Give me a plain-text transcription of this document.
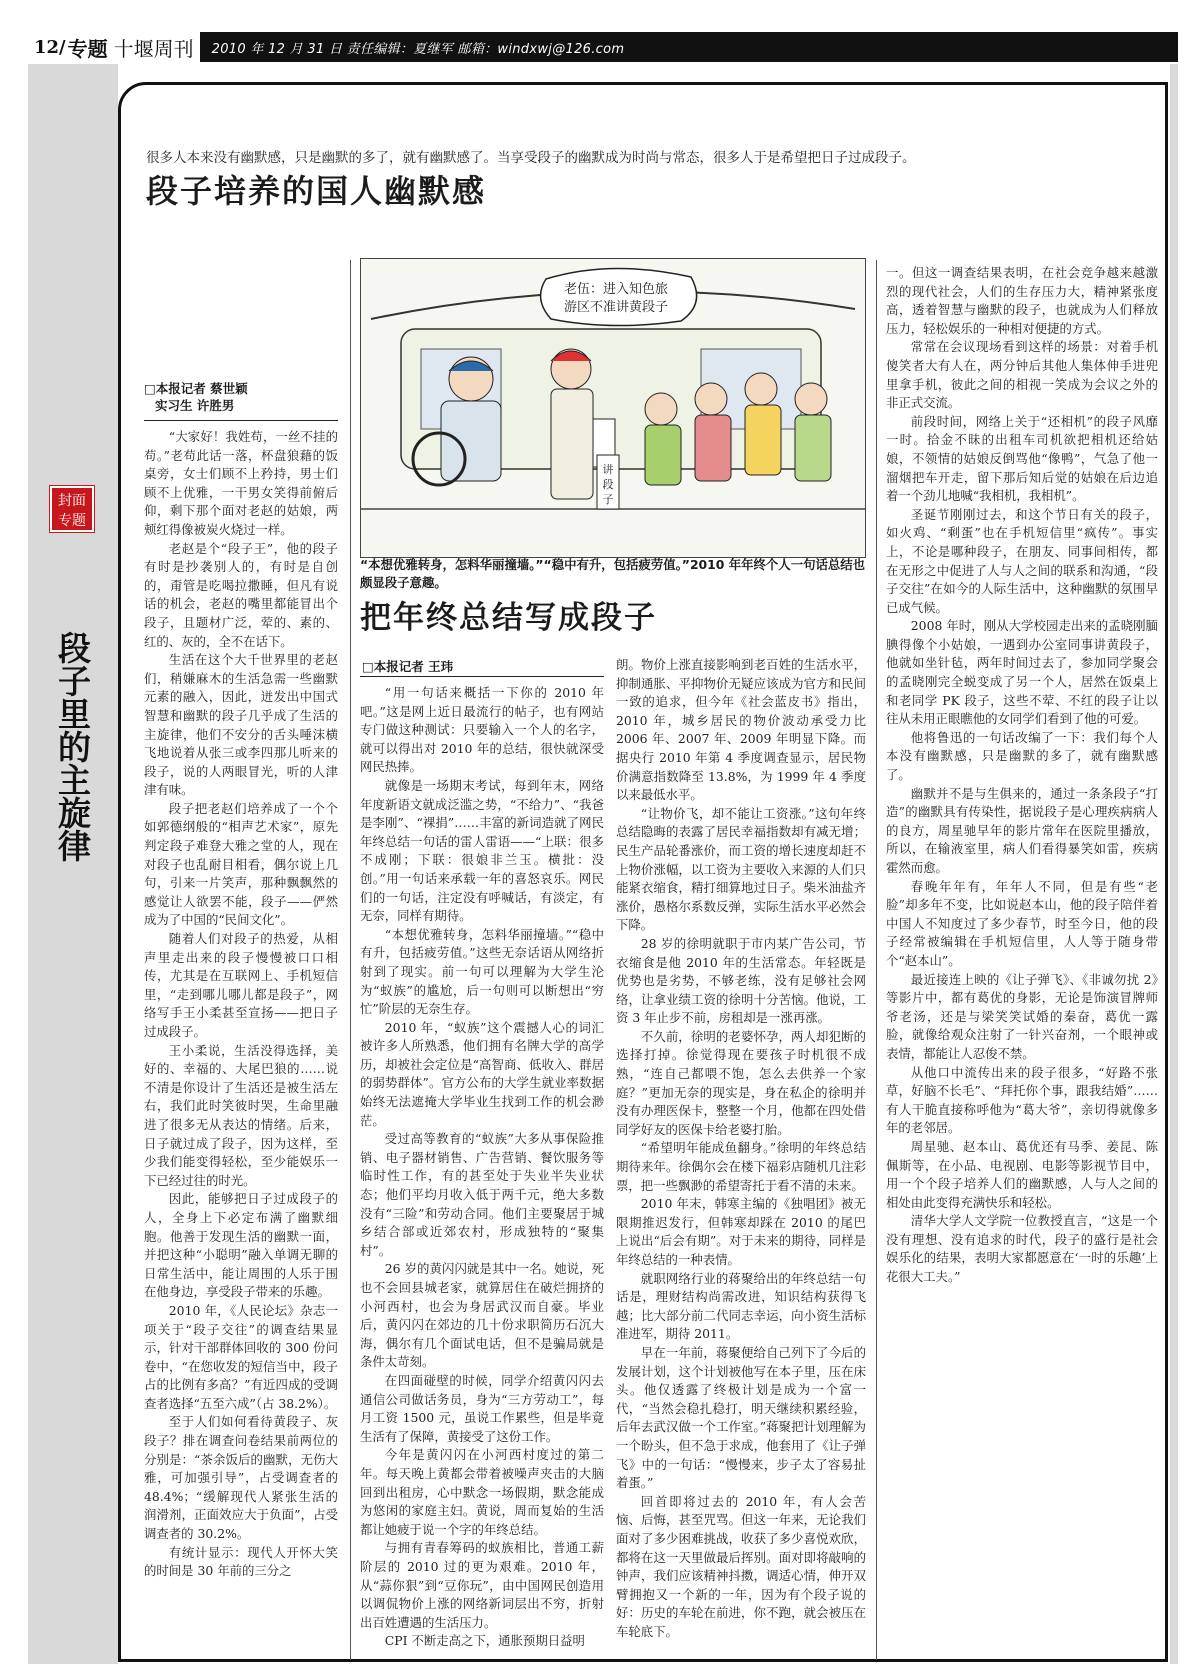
12/ 专题 十堰周刊 2010 年 12 月 31 日 责任编辑：夏继军 邮箱：windxwj@126.com
封面专题
段子里的主旋律
很多人本来没有幽默感，只是幽默的多了，就有幽默感了。当享受段子的幽默成为时尚与常态，很多人于是希望把日子过成段子。
段子培养的国人幽默感
□本报记者 蔡世颖
实习生 许胜男

“大家好！我姓苟，一丝不挂的苟。”老苟此话一落，杯盘狼藉的饭桌旁，女士们顾不上矜持，男士们顾不上优雅，一干男女笑得前俯后仰，剩下那个面对老赵的姑娘，两颊红得像被炭火烧过一样。

老赵是个“段子王”，他的段子有时是抄袭别人的，有时是自创的，甭管是吃喝拉撒睡，但凡有说话的机会，老赵的嘴里都能冒出个段子，且题材广泛，荤的、素的、红的、灰的，全不在话下。

生活在这个大千世界里的老赵们，稍嫌麻木的生活急需一些幽默元素的融入，因此，迸发出中国式智慧和幽默的段子几乎成了生活的主旋律，他们不安分的舌头唾沫横飞地说着从张三或李四那儿听来的段子，说的人两眼冒光，听的人津津有味。

段子把老赵们培养成了一个个如郭德纲般的“相声艺术家”，原先判定段子难登大雅之堂的人，现在对段子也乱耐目相看，偶尔说上几句，引来一片笑声，那种飘飘然的感觉让人欲罢不能，段子——俨然成为了中国的“民间文化”。

随着人们对段子的热爱，从相声里走出来的段子慢慢被口口相传，尤其是在互联网上、手机短信里，“走到哪儿哪儿都是段子”，网络写手王小柔甚至宣扬——把日子过成段子。

王小柔说，生活没得选择，美好的、幸福的、大尾巴狼的……说不清是你设计了生活还是被生活左右，我们此时笑彼时哭，生命里融进了很多无从表达的情绪。后来，日子就过成了段子，因为这样，至少我们能变得轻松，至少能娱乐一下已经过往的时光。

因此，能够把日子过成段子的人，全身上下必定布满了幽默细胞。他善于发现生活的幽默一面，并把这种“小聪明”融入单调无聊的日常生活中，能让周围的人乐于围在他身边，享受段子带来的乐趣。

2010 年，《人民论坛》杂志一项关于“段子交往”的调查结果显示，针对干部群体回收的 300 份问卷中，“在您收发的短信当中，段子占的比例有多高？”有近四成的受调查者选择“五至六成”（占 38.2%）。

至于人们如何看待黄段子、灰段子？排在调查问卷结果前两位的分别是：“茶余饭后的幽默，无伤大雅，可加强引导”，占受调查者的 48.4%；“缓解现代人紧张生活的润滑剂，正面效应大于负面”，占受调查者的 30.2%。

有统计显示：现代人开怀大笑的时间是 30 年前的三分之

老伍：进入知色旅
游区不准讲黄段子
讲
段
子
“本想优雅转身，怎料华丽撞墙。”“稳中有升，包括疲劳值。”2010 年年终个人一句话总结也颇显段子意趣。
把年终总结写成段子
□本报记者 王玮

“用一句话来概括一下你的 2010 年吧。”这是网上近日最流行的帖子，也有网站专门做这种测试：只要输入一个人的名字，就可以得出对 2010 年的总结，很快就深受网民热捧。

就像是一场期末考试，每到年末，网络年度新语文就成泛滥之势，“不给力”、“我爸是李刚”、“裸捐”……丰富的新词造就了网民年终总结一句话的雷人雷语——“上联：很多不成刚；下联：很娘非兰玉。横批：没创。”用一句话来承载一年的喜怒哀乐。网民们的一句话，注定没有呼喊话，有淡定，有无奈，同样有期待。

“本想优雅转身，怎料华丽撞墙。”“稳中有升，包括疲劳值。”这些无奈话语从网络折射到了现实。前一句可以理解为大学生沦为“蚁族”的尴尬，后一句则可以断想出“穷忙”阶层的无奈生存。

2010 年，“蚁族”这个震撼人心的词汇被许多人所熟悉，他们拥有名牌大学的高学历，却被社会定位是“高智商、低收入、群居的弱势群体”。官方公布的大学生就业率数据始终无法遮掩大学毕业生找到工作的机会渺茫。

受过高等教育的“蚁族”大多从事保险推销、电子器材销售、广告营销、餐饮服务等临时性工作，有的甚至处于失业半失业状态；他们平均月收入低于两千元，绝大多数没有“三险”和劳动合同。他们主要聚居于城乡结合部或近郊农村，形成独特的“聚集村”。

26 岁的黄闪闪就是其中一名。她说，死也不会回县城老家，就算居住在破烂拥挤的小河西村，也会为身居武汉而自豪。毕业后，黄闪闪在郊边的几十份求职简历石沉大海，偶尔有几个面试电话，但不是骗局就是条件太苛刻。

在四面碰壁的时候，同学介绍黄闪闪去通信公司做话务员，身为“三方劳动工”，每月工资 1500 元，虽说工作累些，但是毕竟生活有了保障，黄接受了这份工作。

今年是黄闪闪在小河西村度过的第二年。每天晚上黄都会带着被噪声夹击的大脑回到出租房，心中默念一场假期，默念能成为悠闲的家庭主妇。黄说，周而复始的生活都让她疲于说一个字的年终总结。

与拥有青春筹码的蚁族相比，普通工薪阶层的 2010 过的更为艰难。2010 年，从“蒜你狠”到“豆你玩”，由中国网民创造用以调侃物价上涨的网络新词层出不穷，折射出百姓遭遇的生活压力。

CPI 不断走高之下，通胀预期日益明

朗。物价上涨直接影响到老百姓的生活水平，抑制通胀、平抑物价无疑应该成为官方和民间一致的追求，但今年《社会蓝皮书》指出，2010 年，城乡居民的物价波动承受力比 2006 年、2007 年、2009 年明显下降。而据央行 2010 年第 4 季度调查显示，居民物价满意指数降至 13.8%，为 1999 年 4 季度以来最低水平。

“让物价飞，却不能让工资涨。”这句年终总结隐晦的表露了居民幸福指数却有减无增；民生产品轮番涨价，而工资的增长速度却赶不上物价涨幅，以工资为主要收入来源的人们只能紧衣缩食，精打细算地过日子。柴米油盐齐涨价，愚格尔系数反弹，实际生活水平必然会下降。

28 岁的徐明就职于市内某广告公司，节衣缩食是他 2010 年的生活常态。年轻既是优势也是劣势，不够老练，没有足够社会网络，让拿业绩工资的徐明十分苦恼。他说，工资 3 年止步不前，房租却是一涨再涨。

不久前，徐明的老婆怀孕，两人却犯断的选择打掉。徐觉得现在要孩子时机很不成熟，“连自己都喂不饱，怎么去供养一个家庭？”更加无奈的现实是，身在私企的徐明并没有办理医保卡，整整一个月，他都在四处借同学好友的医保卡给老婆打胎。

“希望明年能成鱼翻身。”徐明的年终总结期待来年。徐偶尔会在楼下福彩店随机几注彩票，把一些飘渺的希望寄托于看不清的未来。

2010 年末，韩寒主编的《独唱团》被无限期推迟发行，但韩寒却踩在 2010 的尾巴上说出“后会有期”。对于未来的期待，同样是年终总结的一种表情。

就职网络行业的蒋聚给出的年终总结一句话是，理财结构尚需改进，知识结构获得飞越；比大部分前二代同志幸运，向小资生活标准进军，期待 2011。

早在一年前，蒋聚便给自己列下了今后的发展计划，这个计划被他写在本子里，压在床头。他仅透露了终极计划是成为一个富一代，“当然会稳扎稳打，明天继续积累经验，后年去武汉做一个工作室。”蒋聚把计划理解为一个盼头，但不急于求成，他套用了《让子弹飞》中的一句话：“慢慢来，步子太了容易扯着蛋。”

回首即将过去的 2010 年，有人会苦恼、后悔，甚至咒骂。但这一年来，无论我们面对了多少困难挑战，收获了多少喜悦欢欣，都将在这一天里做最后挥别。面对即将敲响的钟声，我们应该精神抖擞，调适心情，伸开双臂拥抱又一个新的一年，因为有个段子说的好：历史的车轮在前进，你不跑，就会被压在车轮底下。

一。但这一调查结果表明，在社会竞争越来越激烈的现代社会，人们的生存压力大，精神紧张度高，透着智慧与幽默的段子，也就成为人们释放压力，轻松娱乐的一种相对便捷的方式。

常常在会议现场看到这样的场景：对着手机傻笑者大有人在，两分钟后其他人集体伸手进兜里拿手机，彼此之间的相视一笑成为会议之外的非正式交流。

前段时间，网络上关于“还相机”的段子风靡一时。拾金不昧的出租车司机欲把相机还给姑娘，不领情的姑娘反倒骂他“像鸭”，气急了他一溜烟把车开走，留下那后知后觉的姑娘在后边追着一个劲儿地喊“我相机，我相机”。

圣诞节刚刚过去，和这个节日有关的段子，如火鸡、“剩蛋”也在手机短信里“疯传”。事实上，不论是哪种段子，在朋友、同事间相传，都在无形之中促进了人与人之间的联系和沟通，“段子交往”在如今的人际生活中，这种幽默的氛围早已成气候。

2008 年时，刚从大学校园走出来的孟晓刚腼腆得像个小姑娘，一遇到办公室同事讲黄段子，他就如坐针毡，两年时间过去了，参加同学聚会的孟晓刚完全蜕变成了另一个人，居然在饭桌上和老同学 PK 段子，这些不荤、不红的段子让以往从未用正眼瞧他的女同学们看到了他的可爱。

他将鲁迅的一句话改编了一下：我们每个人本没有幽默感，只是幽默的多了，就有幽默感了。

幽默并不是与生俱来的，通过一条条段子“打造”的幽默具有传染性，据说段子是心理疾病病人的良方，周星驰早年的影片常年在医院里播放，所以，在输液室里，病人们看得暴笑如雷，疾病霍然而愈。

春晚年年有，年年人不同，但是有些“老脸”却多年不变，比如说赵本山，他的段子陪伴着中国人不知度过了多少春节，时至今日，他的段子经常被编辑在手机短信里，人人等于随身带个“赵本山”。

最近接连上映的《让子弹飞》、《非诚勿扰 2》等影片中，都有葛优的身影，无论是饰演冒牌师爷老汤，还是与梁笑笑试婚的秦奋，葛优一露脸，就像给观众注射了一针兴奋剂，一个眼神或表情，都能让人忍俊不禁。

从他口中流传出来的段子很多，“好路不张草，好脑不长毛”、“拜托你个事，跟我结婚”……有人干脆直接称呼他为“葛大爷”，亲切得就像多年的老邻居。

周星驰、赵本山、葛优还有马季、姜昆、陈佩斯等，在小品、电视剧、电影等影视节目中，用一个个段子培养人们的幽默感，人与人之间的相处由此变得充满快乐和轻松。

清华大学人文学院一位教授直言，“这是一个没有理想、没有追求的时代，段子的盛行是社会娱乐化的结果，表明大家都愿意在‘一时的乐趣’上花很大工夫。”
